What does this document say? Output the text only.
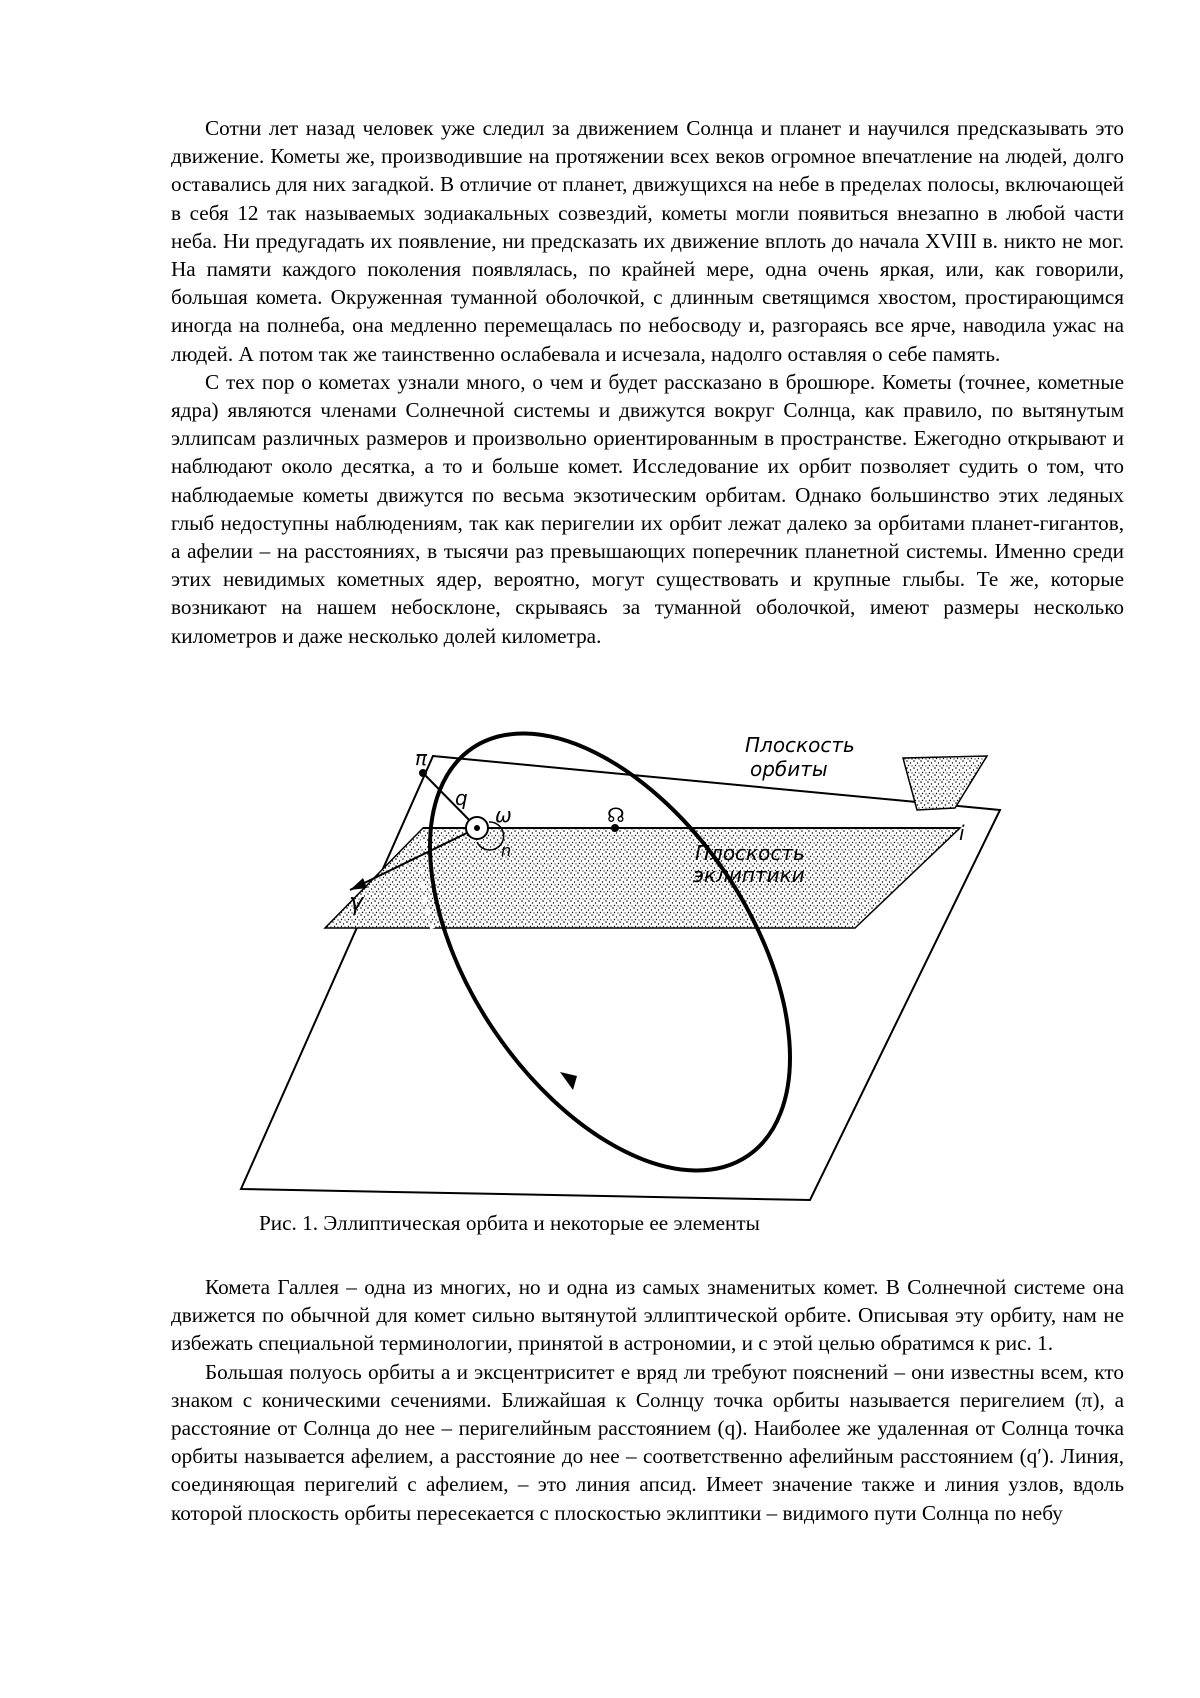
Сотни лет назад человек уже следил за движением Солнца и планет и научился предсказывать это движение. Кометы же, производившие на протяжении всех веков огромное впечатление на людей, долго оставались для них загадкой. В отличие от планет, движущихся на небе в пределах полосы, включающей в себя 12 так называемых зодиакальных созвездий, кометы могли появиться внезапно в любой части неба. Ни предугадать их появление, ни предсказать их движение вплоть до начала XVIII в. никто не мог. На памяти каждого поколения появлялась, по крайней мере, одна очень яркая, или, как говорили, большая комета. Окруженная туманной оболочкой, с длинным светящимся хвостом, простирающимся иногда на полнеба, она медленно перемещалась по небосводу и, разгораясь все ярче, наводила ужас на людей. А потом так же таинственно ослабевала и исчезала, надолго оставляя о себе память.

С тех пор о кометах узнали много, о чем и будет рассказано в брошюре. Кометы (точнее, кометные ядра) являются членами Солнечной системы и движутся вокруг Солнца, как правило, по вытянутым эллипсам различных размеров и произвольно ориентированным в пространстве. Ежегодно открывают и наблюдают около десятка, а то и больше комет. Исследование их орбит позволяет судить о том, что наблюдаемые кометы движутся по весьма экзотическим орбитам. Однако большинство этих ледяных глыб недоступны наблюдениям, так как перигелии их орбит лежат далеко за орбитами планет-гигантов, а афелии – на расстояниях, в тысячи раз превышающих поперечник планетной системы. Именно среди этих невидимых кометных ядер, вероятно, могут существовать и крупные глыбы. Те же, которые возникают на нашем небосклоне, скрываясь за туманной оболочкой, имеют размеры несколько километров и даже несколько долей километра.

Плоскость
орбиты
Плоскость
эклиптики
π
q
ω	☊
n
i
γ
Рис. 1. Эллиптическая орбита и некоторые ее элементы

Комета Галлея – одна из многих, но и одна из самых знаменитых комет. В Солнечной системе она движется по обычной для комет сильно вытянутой эллиптической орбите. Описывая эту орбиту, нам не избежать специальной терминологии, принятой в астрономии, и с этой целью обратимся к рис. 1.

Большая полуось орбиты a и эксцентриситет e вряд ли требуют пояснений – они известны всем, кто знаком с коническими сечениями. Ближайшая к Солнцу точка орбиты называется перигелием (π), а расстояние от Солнца до нее – перигелийным расстоянием (q). Наиболее же удаленная от Солнца точка орбиты называется афелием, а расстояние до нее – соответственно афелийным расстоянием (q′). Линия, соединяющая перигелий с афелием, – это линия апсид. Имеет значение также и линия узлов, вдоль которой плоскость орбиты пересекается с плоскостью эклиптики – видимого пути Солнца по небу
